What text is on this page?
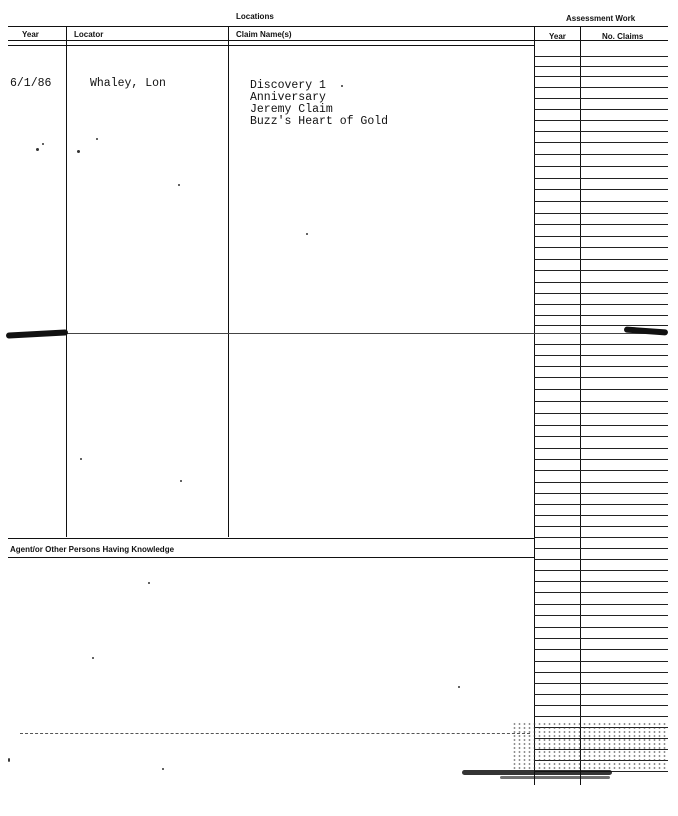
Locations	Assessment Work
Year	Locator	Claim Name(s)	Year	No. Claims
6/1/86	Whaley, Lon	Discovery 1
Anniversary
Jeremy Claim
Buzz's Heart of Gold
Agent/or Other Persons Having Knowledge
